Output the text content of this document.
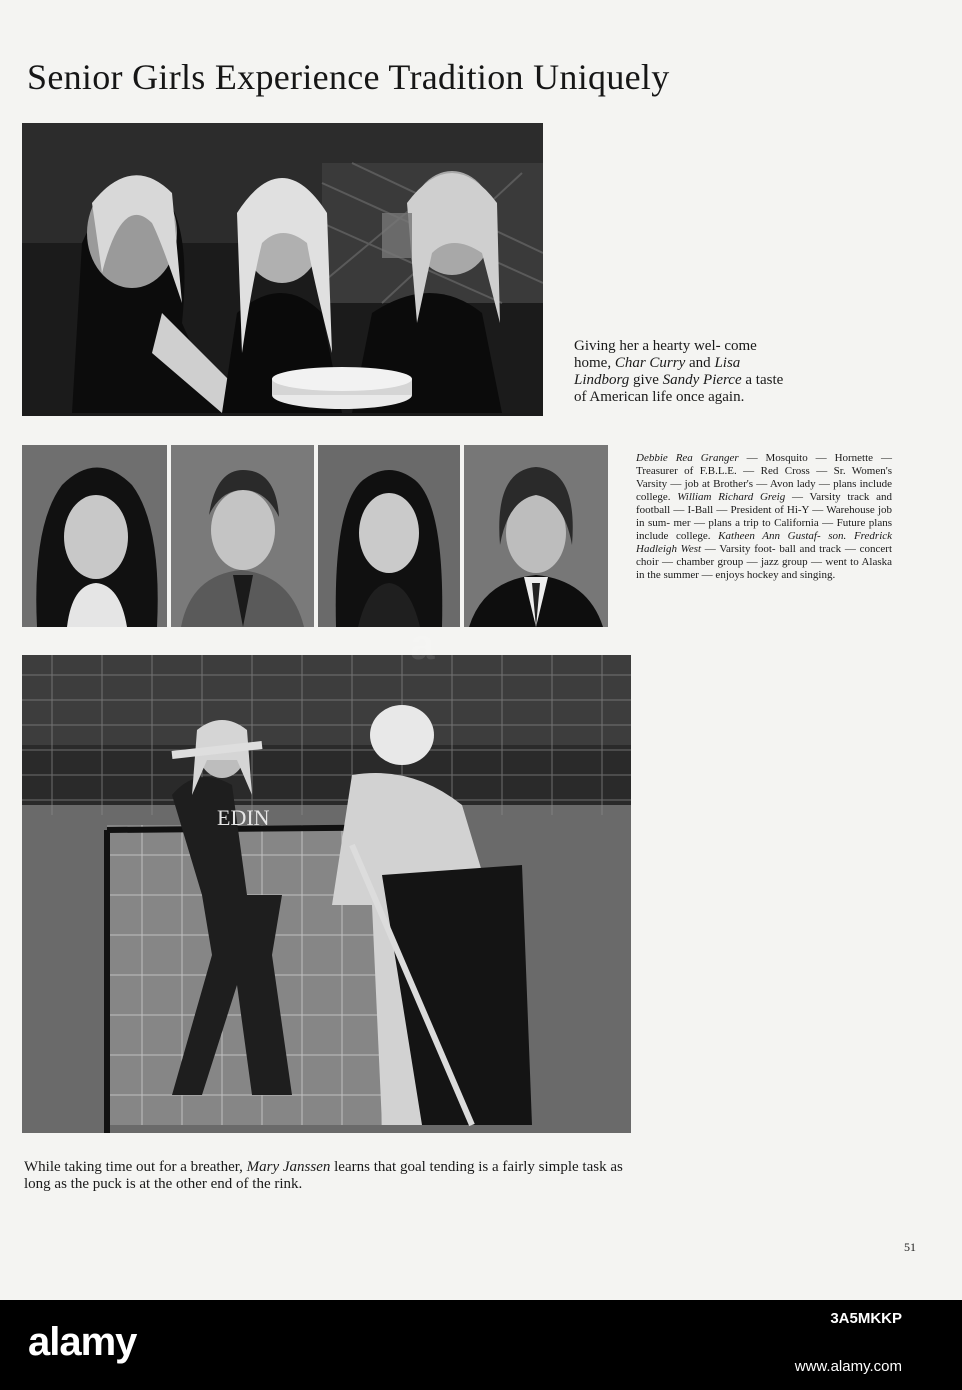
Senior Girls Experience Tradition Uniquely
Giving her a hearty wel- come home, Char Curry and Lisa Lindborg give Sandy Pierce a taste of American life once again.
Debbie Rea Granger — Mosquito — Hornette — Treasurer of F.B.L.E. — Red Cross — Sr. Women's Varsity — job at Brother's — Avon lady — plans include college. William Richard Greig — Varsity track and football — I-Ball — President of Hi-Y — Warehouse job in sum- mer — plans a trip to California — Future plans include college. Katheen Ann Gustaf- son. Fredrick Hadleigh West — Varsity foot- ball and track — concert choir — chamber group — jazz group — went to Alaska in the summer — enjoys hockey and singing.
EDIN
While taking time out for a breather, Mary Janssen learns that goal tending is a fairly simple task as long as the puck is at the other end of the rink.
51
a
alamy
3A5MKKP
www.alamy.com
